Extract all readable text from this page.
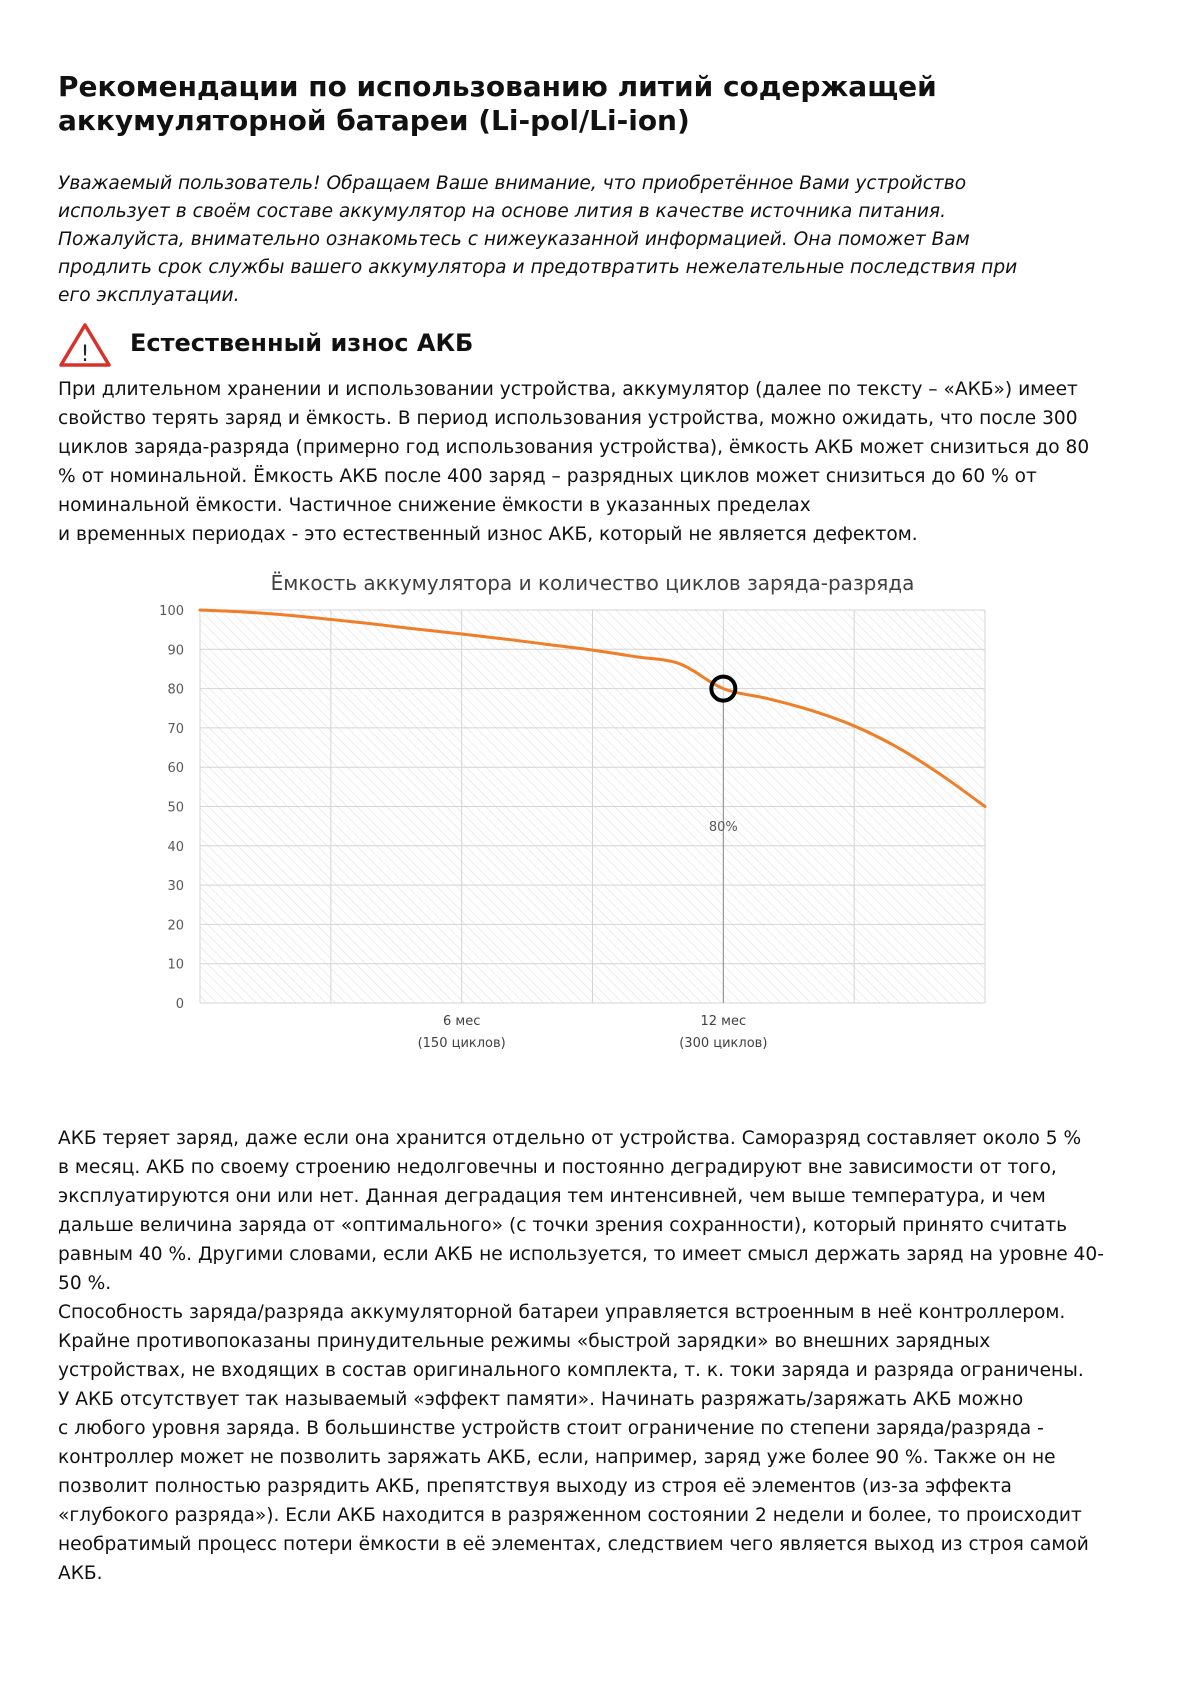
Рекомендации по использованию литий содержащей аккумуляторной батареи (Li-pol/Li-ion)

Уважаемый пользователь! Обращаем Ваше внимание, что приобретённое Вами устройство
использует в своём составе аккумулятор на основе лития в качестве источника питания.
Пожалуйста, внимательно ознакомьтесь с нижеуказанной информацией. Она поможет Вам
продлить срок службы вашего аккумулятора и предотвратить нежелательные последствия при
его эксплуатации.

! Естественный износ АКБ

При длительном хранении и использовании устройства, аккумулятор (далее по тексту – «АКБ») имеет
свойство терять заряд и ёмкость. В период использования устройства, можно ожидать, что после 300
циклов заряда-разряда (примерно год использования устройства), ёмкость АКБ может снизиться до 80
% от номинальной. Ёмкость АКБ после 400 заряд – разрядных циклов может снизиться до 60 % от
номинальной ёмкости. Частичное снижение ёмкости в указанных пределах
и временных периодах - это естественный износ АКБ, который не является дефектом.

Ёмкость аккумулятора и количество циклов заряда-разряда
0
10
20
30
40
50
60
70
80
90
100
6 мес
(150 циклов)
12 мес
(300 циклов)
80%

АКБ теряет заряд, даже если она хранится отдельно от устройства. Саморазряд составляет около 5 %
в месяц. АКБ по своему строению недолговечны и постоянно деградируют вне зависимости от того,
эксплуатируются они или нет. Данная деградация тем интенсивней, чем выше температура, и чем
дальше величина заряда от «оптимального» (с точки зрения сохранности), который принято считать
равным 40 %. Другими словами, если АКБ не используется, то имеет смысл держать заряд на уровне 40-
50 %.
Способность заряда/разряда аккумуляторной батареи управляется встроенным в неё контроллером.
Крайне противопоказаны принудительные режимы «быстрой зарядки» во внешних зарядных
устройствах, не входящих в состав оригинального комплекта, т. к. токи заряда и разряда ограничены.
У АКБ отсутствует так называемый «эффект памяти». Начинать разряжать/заряжать АКБ можно
с любого уровня заряда. В большинстве устройств стоит ограничение по степени заряда/разряда -
контроллер может не позволить заряжать АКБ, если, например, заряд уже более 90 %. Также он не
позволит полностью разрядить АКБ, препятствуя выходу из строя её элементов (из-за эффекта
«глубокого разряда»). Если АКБ находится в разряженном состоянии 2 недели и более, то происходит
необратимый процесс потери ёмкости в её элементах, следствием чего является выход из строя самой
АКБ.
